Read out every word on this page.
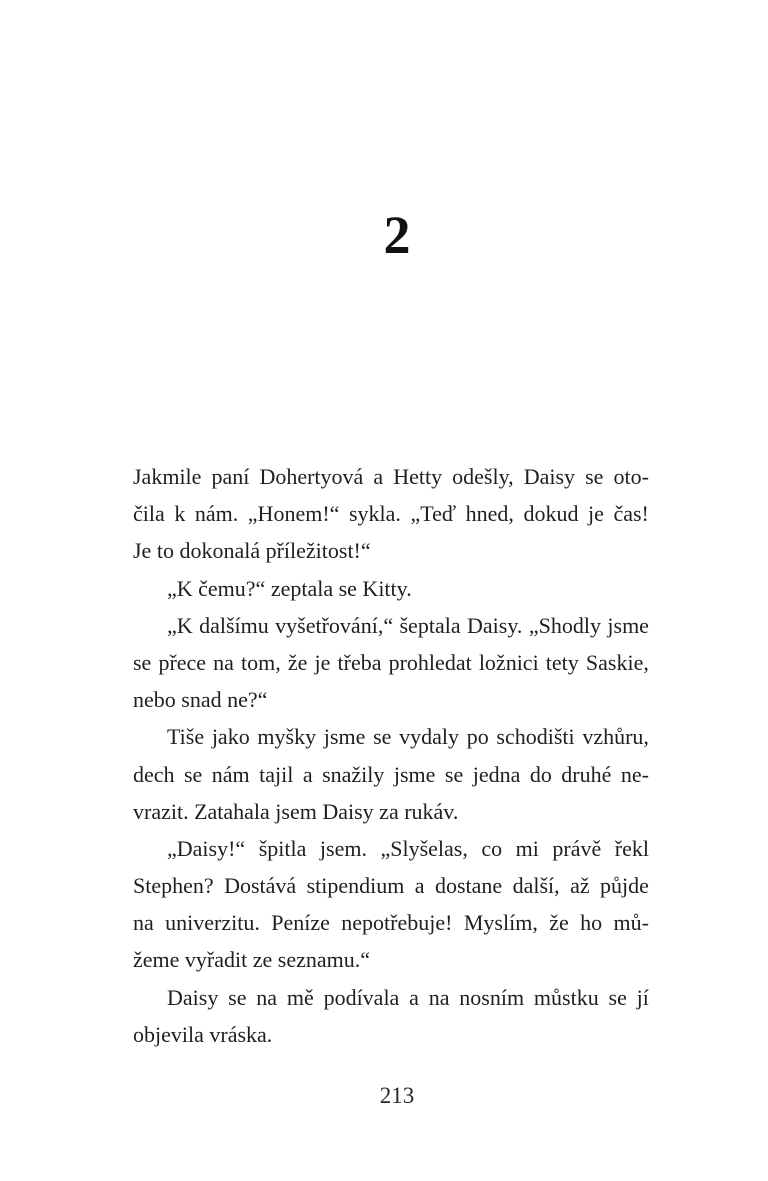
2
Jakmile paní Dohertyová a Hetty odešly, Daisy se oto-
čila k nám. „Honem!“ sykla. „Teď hned, dokud je čas!
Je to dokonalá příležitost!“
„K čemu?“ zeptala se Kitty.
„K dalšímu vyšetřování,“ šeptala Daisy. „Shodly jsme
se přece na tom, že je třeba prohledat ložnici tety Saskie,
nebo snad ne?“
Tiše jako myšky jsme se vydaly po schodišti vzhůru,
dech se nám tajil a snažily jsme se jedna do druhé ne-
vrazit. Zatahala jsem Daisy za rukáv.
„Daisy!“ špitla jsem. „Slyšelas, co mi právě řekl
Stephen? Dostává stipendium a dostane další, až půjde
na univerzitu. Peníze nepotřebuje! Myslím, že ho mů-
žeme vyřadit ze seznamu.“
Daisy se na mě podívala a na nosním můstku se jí
objevila vráska.
213
